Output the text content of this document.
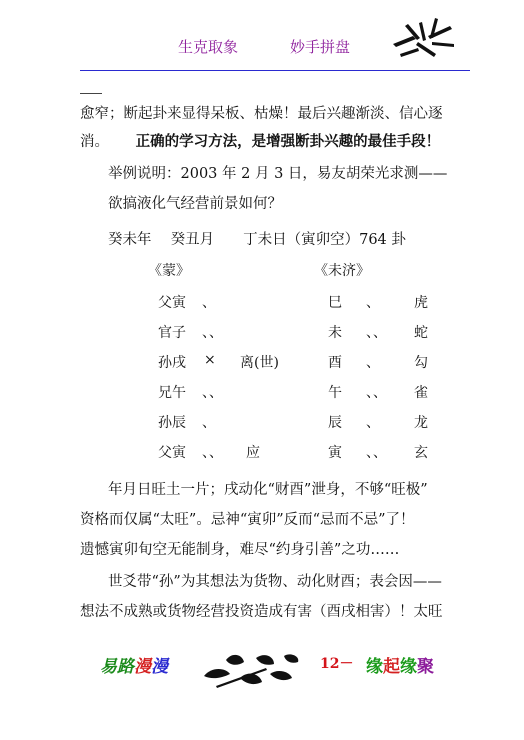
生克取象	妙手拼盘
愈窄；断起卦来显得呆板、枯燥！最后兴趣渐淡、信心逐
消。 正确的学习方法，是增强断卦兴趣的最佳手段！
举例说明：2003 年 2 月 3 日，易友胡荣光求测——
欲搞液化气经营前景如何？
癸未年　 癸丑月　　丁未日（寅卯空）764 卦
《蒙》	《未济》
父寅 、	巳 、 虎
官子 、、	未 、、 蛇
孙戌 × 离(世)	酉 、 勾
兄午 、、	午 、、 雀
孙辰 、	辰 、 龙
父寅 、、 应	寅 、、 玄
年月日旺土一片；戌动化“财酉”泄身，不够“旺极”
资格而仅属“太旺”。忌神“寅卯”反而“忌而不忌”了！
遗憾寅卯旬空无能制身，难尽“约身引善”之功……
世爻带“孙”为其想法为货物、动化财酉；表会因——
想法不成熟或货物经营投资造成有害（酉戌相害）！太旺
易路漫漫	12－ 缘起缘聚
